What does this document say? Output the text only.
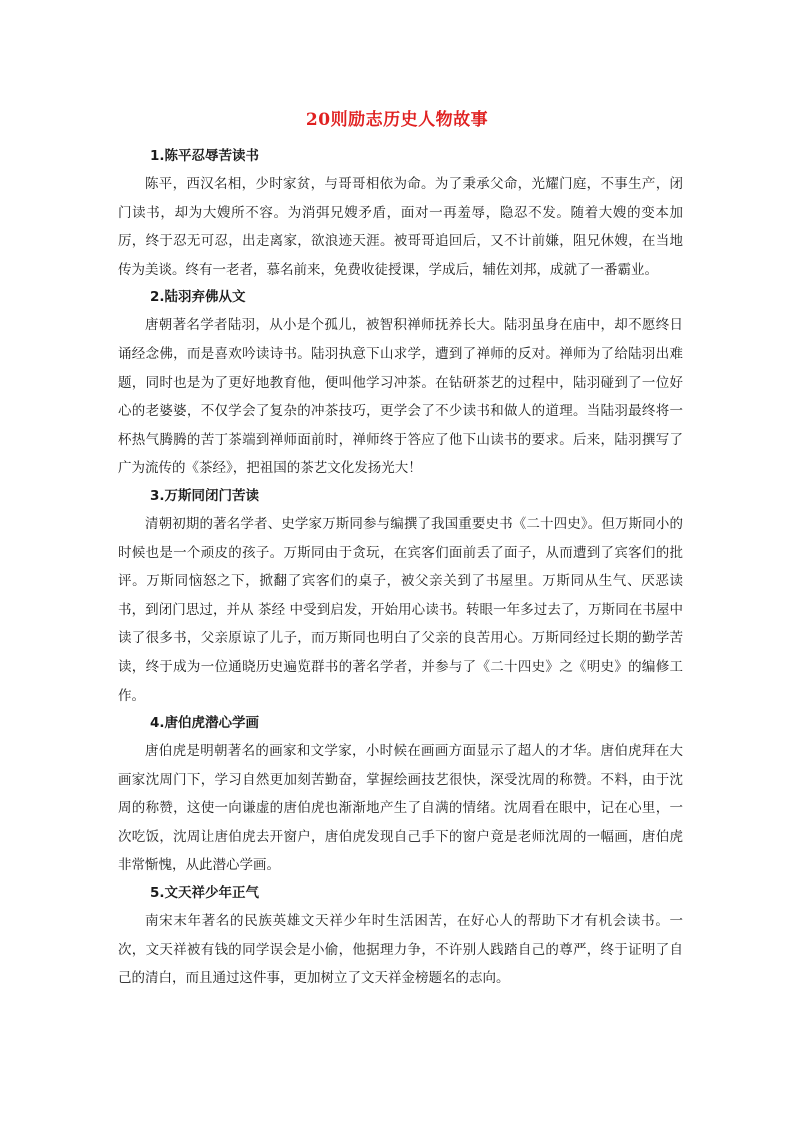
20则励志历史人物故事
1.陈平忍辱苦读书

陈平，西汉名相，少时家贫，与哥哥相依为命。为了秉承父命，光耀门庭，不事生产，闭门读书，却为大嫂所不容。为消弭兄嫂矛盾，面对一再羞辱，隐忍不发。随着大嫂的变本加厉，终于忍无可忍，出走离家，欲浪迹天涯。被哥哥追回后，又不计前嫌，阻兄休嫂，在当地传为美谈。终有一老者，慕名前来，免费收徒授课，学成后，辅佐刘邦，成就了一番霸业。

2.陆羽弃佛从文

唐朝著名学者陆羽，从小是个孤儿，被智积禅师抚养长大。陆羽虽身在庙中，却不愿终日诵经念佛，而是喜欢吟读诗书。陆羽执意下山求学，遭到了禅师的反对。禅师为了给陆羽出难题，同时也是为了更好地教育他，便叫他学习冲茶。在钻研茶艺的过程中，陆羽碰到了一位好心的老婆婆，不仅学会了复杂的冲茶技巧，更学会了不少读书和做人的道理。当陆羽最终将一杯热气腾腾的苦丁茶端到禅师面前时，禅师终于答应了他下山读书的要求。后来，陆羽撰写了广为流传的《茶经》，把祖国的茶艺文化发扬光大！

3.万斯同闭门苦读

清朝初期的著名学者、史学家万斯同参与编撰了我国重要史书《二十四史》。但万斯同小的时候也是一个顽皮的孩子。万斯同由于贪玩，在宾客们面前丢了面子，从而遭到了宾客们的批评。万斯同恼怒之下，掀翻了宾客们的桌子，被父亲关到了书屋里。万斯同从生气、厌恶读书，到闭门思过，并从 茶经 中受到启发，开始用心读书。转眼一年多过去了，万斯同在书屋中读了很多书，父亲原谅了儿子，而万斯同也明白了父亲的良苦用心。万斯同经过长期的勤学苦读，终于成为一位通晓历史遍览群书的著名学者，并参与了《二十四史》之《明史》的编修工作。

4.唐伯虎潜心学画

唐伯虎是明朝著名的画家和文学家，小时候在画画方面显示了超人的才华。唐伯虎拜在大画家沈周门下，学习自然更加刻苦勤奋，掌握绘画技艺很快，深受沈周的称赞。不料，由于沈周的称赞，这使一向谦虚的唐伯虎也渐渐地产生了自满的情绪。沈周看在眼中，记在心里，一次吃饭，沈周让唐伯虎去开窗户，唐伯虎发现自己手下的窗户竟是老师沈周的一幅画，唐伯虎非常惭愧，从此潜心学画。

5.文天祥少年正气

南宋末年著名的民族英雄文天祥少年时生活困苦，在好心人的帮助下才有机会读书。一次，文天祥被有钱的同学误会是小偷，他据理力争，不许别人践踏自己的尊严，终于证明了自己的清白，而且通过这件事，更加树立了文天祥金榜题名的志向。
